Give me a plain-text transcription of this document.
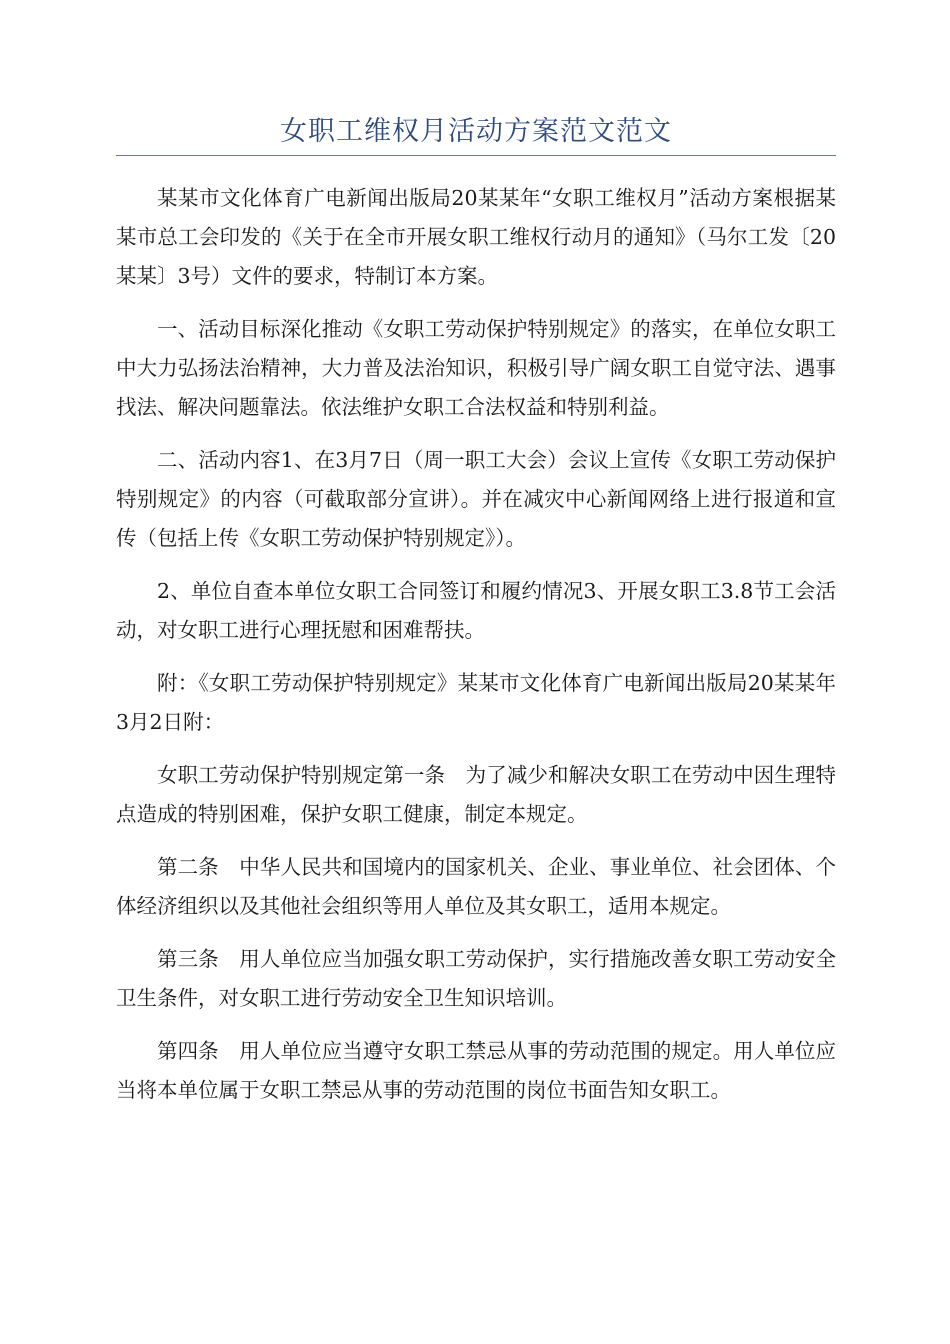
女职工维权月活动方案范文范文

某某市文化体育广电新闻出版局20某某年“女职工维权月”活动方案根据某某市总工会印发的《关于在全市开展女职工维权行动月的通知》（马尔工发〔20某某〕3号）文件的要求，特制订本方案。

一、活动目标深化推动《女职工劳动保护特别规定》的落实，在单位女职工中大力弘扬法治精神，大力普及法治知识，积极引导广阔女职工自觉守法、遇事找法、解决问题靠法。依法维护女职工合法权益和特别利益。

二、活动内容1、在3月7日（周一职工大会）会议上宣传《女职工劳动保护特别规定》的内容（可截取部分宣讲）。并在减灾中心新闻网络上进行报道和宣传（包括上传《女职工劳动保护特别规定》）。

2、单位自查本单位女职工合同签订和履约情况3、开展女职工3.8节工会活动，对女职工进行心理抚慰和困难帮扶。

附：《女职工劳动保护特别规定》某某市文化体育广电新闻出版局20某某年3月2日附：

女职工劳动保护特别规定第一条　为了减少和解决女职工在劳动中因生理特点造成的特别困难，保护女职工健康，制定本规定。

第二条　中华人民共和国境内的国家机关、企业、事业单位、社会团体、个体经济组织以及其他社会组织等用人单位及其女职工，适用本规定。

第三条　用人单位应当加强女职工劳动保护，实行措施改善女职工劳动安全卫生条件，对女职工进行劳动安全卫生知识培训。

第四条　用人单位应当遵守女职工禁忌从事的劳动范围的规定。用人单位应当将本单位属于女职工禁忌从事的劳动范围的岗位书面告知女职工。
